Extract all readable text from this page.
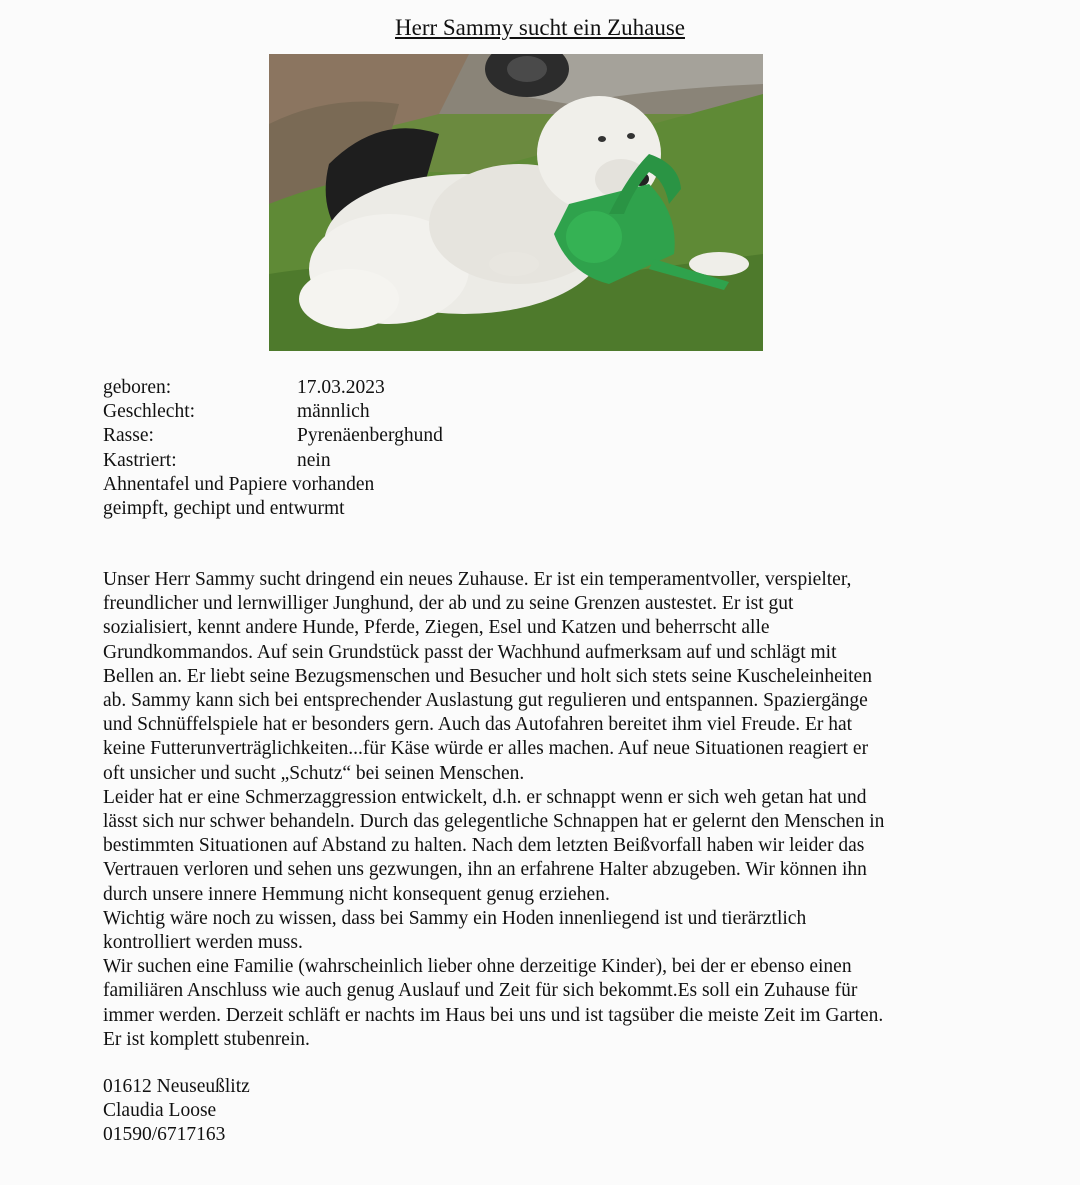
Herr Sammy sucht ein Zuhause
geboren:	17.03.2023
Geschlecht:	männlich
Rasse:	Pyrenäenberghund
Kastriert:	nein
Ahnentafel und Papiere vorhanden
geimpft, gechipt und entwurmt
Unser Herr Sammy sucht dringend ein neues Zuhause. Er ist ein temperamentvoller, verspielter,
freundlicher und lernwilliger Junghund, der ab und zu seine Grenzen austestet. Er ist gut
sozialisiert, kennt andere Hunde, Pferde, Ziegen, Esel und Katzen und beherrscht alle
Grundkommandos. Auf sein Grundstück passt der Wachhund aufmerksam auf und schlägt mit
Bellen an. Er liebt seine Bezugsmenschen und Besucher und holt sich stets seine Kuscheleinheiten
ab. Sammy kann sich bei entsprechender Auslastung gut regulieren und entspannen. Spaziergänge
und Schnüffelspiele hat er besonders gern. Auch das Autofahren bereitet ihm viel Freude. Er hat
keine Futterunverträglichkeiten...für Käse würde er alles machen. Auf neue Situationen reagiert er
oft unsicher und sucht „Schutz“ bei seinen Menschen.
Leider hat er eine Schmerzaggression entwickelt, d.h. er schnappt wenn er sich weh getan hat und
lässt sich nur schwer behandeln. Durch das gelegentliche Schnappen hat er gelernt den Menschen in
bestimmten Situationen auf Abstand zu halten. Nach dem letzten Beißvorfall haben wir leider das
Vertrauen verloren und sehen uns gezwungen, ihn an erfahrene Halter abzugeben. Wir können ihn
durch unsere innere Hemmung nicht konsequent genug erziehen.
Wichtig wäre noch zu wissen, dass bei Sammy ein Hoden innenliegend ist und tierärztlich
kontrolliert werden muss.
Wir suchen eine Familie (wahrscheinlich lieber ohne derzeitige Kinder), bei der er ebenso einen
familiären Anschluss wie auch genug Auslauf und Zeit für sich bekommt.Es soll ein Zuhause für
immer werden. Derzeit schläft er nachts im Haus bei uns und ist tagsüber die meiste Zeit im Garten.
Er ist komplett stubenrein.
01612 Neuseußlitz
Claudia Loose
01590/6717163
